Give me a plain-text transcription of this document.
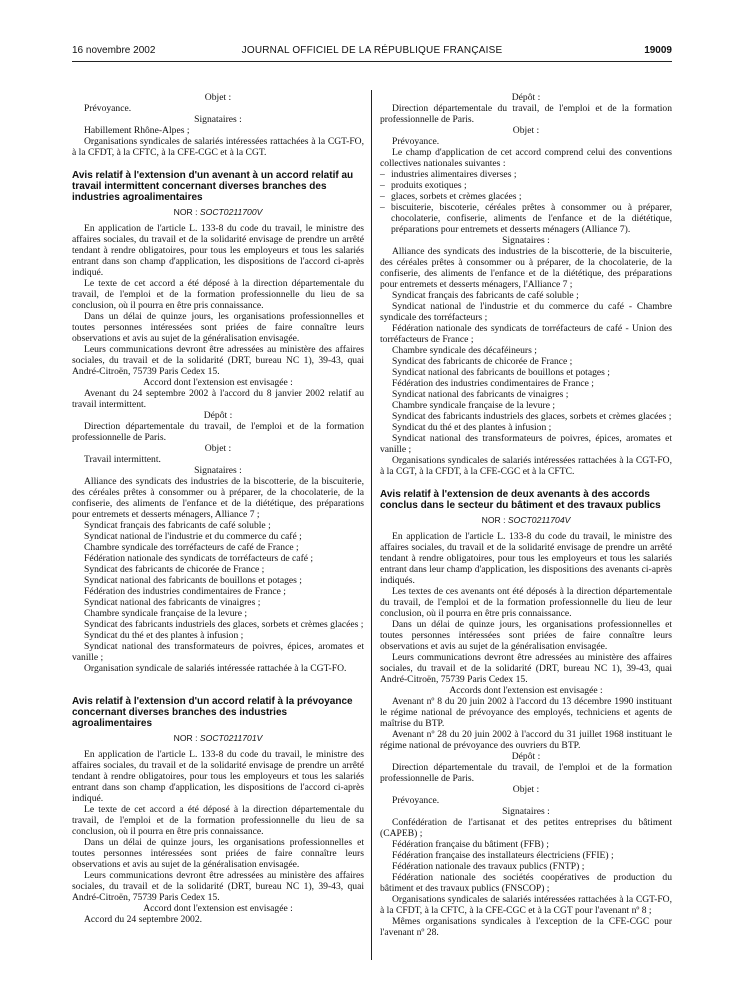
16 novembre 2002	JOURNAL OFFICIEL DE LA RÉPUBLIQUE FRANÇAISE	19009

Objet :

Prévoyance.

Signataires :

Habillement Rhône-Alpes ;

Organisations syndicales de salariés intéressées rattachées à la CGT-FO, à la CFDT, à la CFTC, à la CFE-CGC et à la CGT.

Avis relatif à l'extension d'un avenant à un accord relatif au travail intermittent concernant diverses branches des industries agroalimentaires
NOR : SOCT0211700V

En application de l'article L. 133-8 du code du travail, le ministre des affaires sociales, du travail et de la solidarité envisage de prendre un arrêté tendant à rendre obligatoires, pour tous les employeurs et tous les salariés entrant dans son champ d'application, les dispositions de l'accord ci-après indiqué.

Le texte de cet accord a été déposé à la direction départementale du travail, de l'emploi et de la formation professionnelle du lieu de sa conclusion, où il pourra en être pris connaissance.

Dans un délai de quinze jours, les organisations professionnelles et toutes personnes intéressées sont priées de faire connaître leurs observations et avis au sujet de la généralisation envisagée.

Leurs communications devront être adressées au ministère des affaires sociales, du travail et de la solidarité (DRT, bureau NC 1), 39-43, quai André-Citroën, 75739 Paris Cedex 15.

Accord dont l'extension est envisagée :

Avenant du 24 septembre 2002 à l'accord du 8 janvier 2002 relatif au travail intermittent.

Dépôt :

Direction départementale du travail, de l'emploi et de la formation professionnelle de Paris.

Objet :

Travail intermittent.

Signataires :

Alliance des syndicats des industries de la biscotterie, de la biscuiterie, des céréales prêtes à consommer ou à préparer, de la chocolaterie, de la confiserie, des aliments de l'enfance et de la diététique, des préparations pour entremets et desserts ménagers, Alliance 7 ;

Syndicat français des fabricants de café soluble ;

Syndicat national de l'industrie et du commerce du café ;

Chambre syndicale des torréfacteurs de café de France ;

Fédération nationale des syndicats de torréfacteurs de café ;

Syndicat des fabricants de chicorée de France ;

Syndicat national des fabricants de bouillons et potages ;

Fédération des industries condimentaires de France ;

Syndicat national des fabricants de vinaigres ;

Chambre syndicale française de la levure ;

Syndicat des fabricants industriels des glaces, sorbets et crèmes glacées ;

Syndicat du thé et des plantes à infusion ;

Syndicat national des transformateurs de poivres, épices, aromates et vanille ;

Organisation syndicale de salariés intéressée rattachée à la CGT-FO.

Avis relatif à l'extension d'un accord relatif à la prévoyance concernant diverses branches des industries agroalimentaires
NOR : SOCT0211701V

En application de l'article L. 133-8 du code du travail, le ministre des affaires sociales, du travail et de la solidarité envisage de prendre un arrêté tendant à rendre obligatoires, pour tous les employeurs et tous les salariés entrant dans son champ d'application, les dispositions de l'accord ci-après indiqué.

Le texte de cet accord a été déposé à la direction départementale du travail, de l'emploi et de la formation professionnelle du lieu de sa conclusion, où il pourra en être pris connaissance.

Dans un délai de quinze jours, les organisations professionnelles et toutes personnes intéressées sont priées de faire connaître leurs observations et avis au sujet de la généralisation envisagée.

Leurs communications devront être adressées au ministère des affaires sociales, du travail et de la solidarité (DRT, bureau NC 1), 39-43, quai André-Citroën, 75739 Paris Cedex 15.

Accord dont l'extension est envisagée :

Accord du 24 septembre 2002.

Dépôt :

Direction départementale du travail, de l'emploi et de la formation professionnelle de Paris.

Objet :

Prévoyance.

Le champ d'application de cet accord comprend celui des conventions collectives nationales suivantes :

– industries alimentaires diverses ;

– produits exotiques ;

– glaces, sorbets et crèmes glacées ;

– biscuiterie, biscoterie, céréales prêtes à consommer ou à préparer, chocolaterie, confiserie, aliments de l'enfance et de la diététique, préparations pour entremets et desserts ménagers (Alliance 7).

Signataires :

Alliance des syndicats des industries de la biscotterie, de la biscuiterie, des céréales prêtes à consommer ou à préparer, de la chocolaterie, de la confiserie, des aliments de l'enfance et de la diététique, des préparations pour entremets et desserts ménagers, l'Alliance 7 ;

Syndicat français des fabricants de café soluble ;

Syndicat national de l'industrie et du commerce du café - Chambre syndicale des torréfacteurs ;

Fédération nationale des syndicats de torréfacteurs de café - Union des torréfacteurs de France ;

Chambre syndicale des décaféineurs ;

Syndicat des fabricants de chicorée de France ;

Syndicat national des fabricants de bouillons et potages ;

Fédération des industries condimentaires de France ;

Syndicat national des fabricants de vinaigres ;

Chambre syndicale française de la levure ;

Syndicat des fabricants industriels des glaces, sorbets et crèmes glacées ;

Syndicat du thé et des plantes à infusion ;

Syndicat national des transformateurs de poivres, épices, aromates et vanille ;

Organisations syndicales de salariés intéressées rattachées à la CGT-FO, à la CGT, à la CFDT, à la CFE-CGC et à la CFTC.

Avis relatif à l'extension de deux avenants à des accords conclus dans le secteur du bâtiment et des travaux publics
NOR : SOCT0211704V

En application de l'article L. 133-8 du code du travail, le ministre des affaires sociales, du travail et de la solidarité envisage de prendre un arrêté tendant à rendre obligatoires, pour tous les employeurs et tous les salariés entrant dans leur champ d'application, les dispositions des avenants ci-après indiqués.

Les textes de ces avenants ont été déposés à la direction départementale du travail, de l'emploi et de la formation professionnelle du lieu de leur conclusion, où il pourra en être pris connaissance.

Dans un délai de quinze jours, les organisations professionnelles et toutes personnes intéressées sont priées de faire connaître leurs observations et avis au sujet de la généralisation envisagée.

Leurs communications devront être adressées au ministère des affaires sociales, du travail et de la solidarité (DRT, bureau NC 1), 39-43, quai André-Citroën, 75739 Paris Cedex 15.

Accords dont l'extension est envisagée :

Avenant nº 8 du 20 juin 2002 à l'accord du 13 décembre 1990 instituant le régime national de prévoyance des employés, techniciens et agents de maîtrise du BTP.

Avenant nº 28 du 20 juin 2002 à l'accord du 31 juillet 1968 instituant le régime national de prévoyance des ouvriers du BTP.

Dépôt :

Direction départementale du travail, de l'emploi et de la formation professionnelle de Paris.

Objet :

Prévoyance.

Signataires :

Confédération de l'artisanat et des petites entreprises du bâtiment (CAPEB) ;

Fédération française du bâtiment (FFB) ;

Fédération française des installateurs électriciens (FFIE) ;

Fédération nationale des travaux publics (FNTP) ;

Fédération nationale des sociétés coopératives de production du bâtiment et des travaux publics (FNSCOP) ;

Organisations syndicales de salariés intéressées rattachées à la CGT-FO, à la CFDT, à la CFTC, à la CFE-CGC et à la CGT pour l'avenant nº 8 ;

Mêmes organisations syndicales à l'exception de la CFE-CGC pour l'avenant nº 28.
